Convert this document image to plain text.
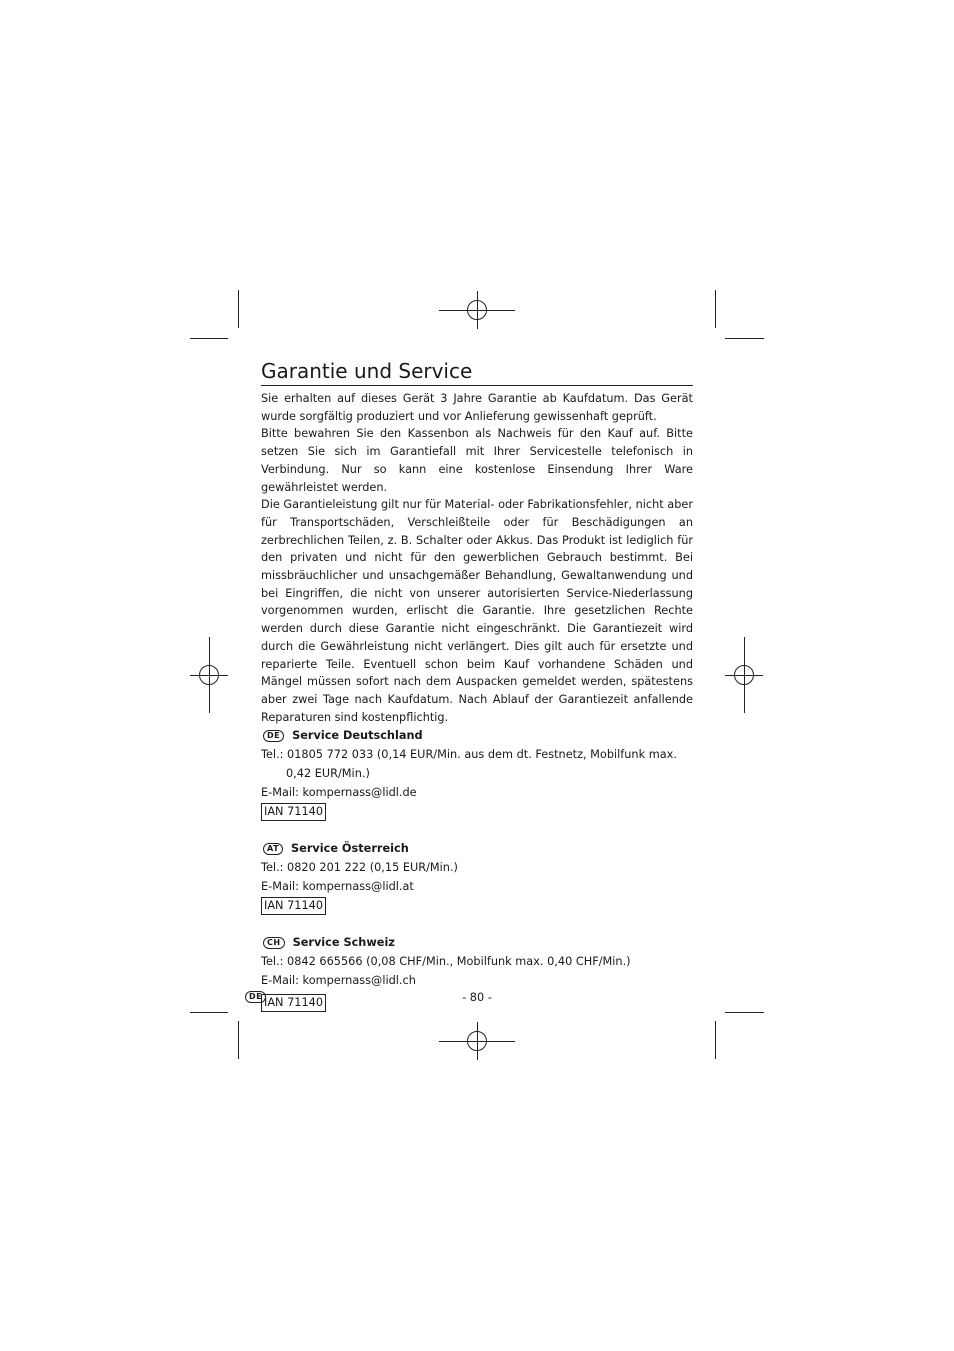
Garantie und Service

Sie erhalten auf dieses Gerät 3 Jahre Garantie ab Kaufdatum. Das Gerät wurde sorgfältig produziert und vor Anlieferung gewissenhaft geprüft.

Bitte bewahren Sie den Kassenbon als Nachweis für den Kauf auf. Bitte setzen Sie sich im Garantiefall mit Ihrer Servicestelle telefonisch in Verbindung. Nur so kann eine kostenlose Einsendung Ihrer Ware gewährleistet werden.

Die Garantieleistung gilt nur für Material- oder Fabrikationsfehler, nicht aber für Transportschäden, Verschleißteile oder für Beschädigungen an zerbrechlichen Teilen, z. B. Schalter oder Akkus. Das Produkt ist lediglich für den privaten und nicht für den gewerblichen Gebrauch bestimmt. Bei missbräuchlicher und unsachgemäßer Behandlung, Gewaltanwendung und bei Eingriffen, die nicht von unserer autorisierten Service-Niederlassung vorgenommen wurden, erlischt die Garantie. Ihre gesetzlichen Rechte werden durch diese Garantie nicht eingeschränkt. Die Garantiezeit wird durch die Gewährleistung nicht verlängert. Dies gilt auch für ersetzte und reparierte Teile. Eventuell schon beim Kauf vorhandene Schäden und Mängel müssen sofort nach dem Auspacken gemeldet werden, spätestens aber zwei Tage nach Kaufdatum. Nach Ablauf der Garantiezeit anfallende Reparaturen sind kostenpflichtig.

DE	Service Deutschland
Tel.: 01805 772 033 (0,14 EUR/Min. aus dem dt. Festnetz, Mobilfunk max.
0,42 EUR/Min.)
E-Mail: kompernass@lidl.de
IAN 71140
AT	Service Österreich
Tel.: 0820 201 222 (0,15 EUR/Min.)
E-Mail: kompernass@lidl.at
IAN 71140
CH	Service Schweiz
Tel.: 0842 665566 (0,08 CHF/Min., Mobilfunk max. 0,40 CHF/Min.)
E-Mail: kompernass@lidl.ch
IAN 71140
DE	- 80 -
